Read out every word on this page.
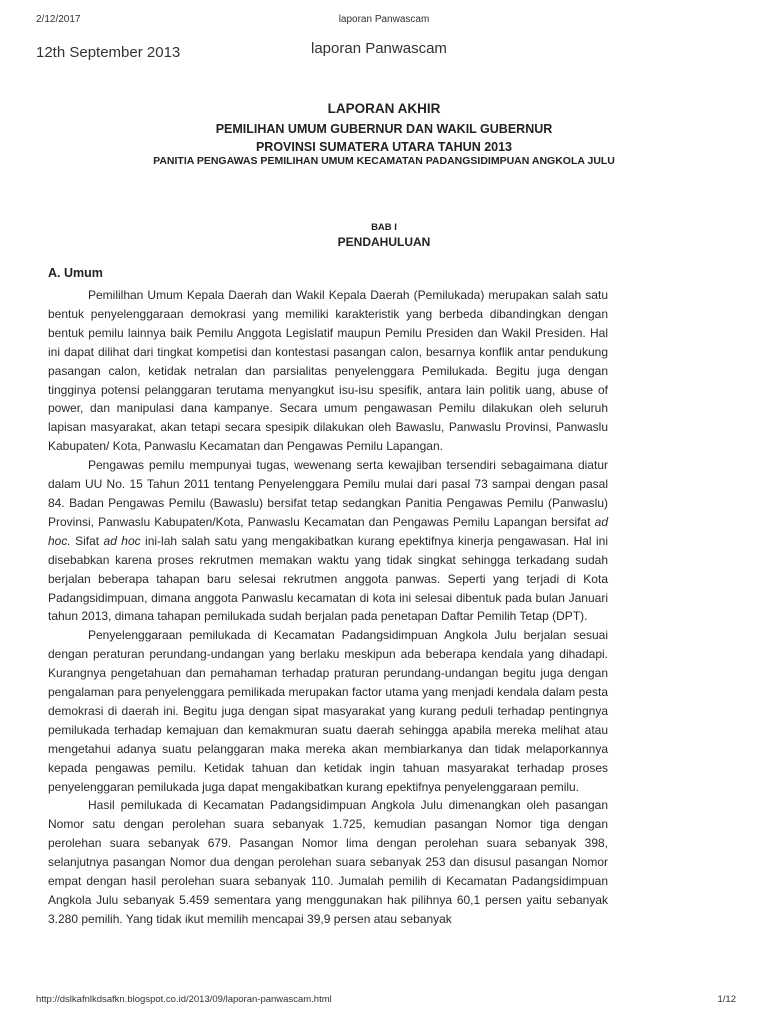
2/12/2017	laporan Panwascam
12th September 2013	laporan Panwascam
LAPORAN AKHIR
PEMILIHAN UMUM GUBERNUR DAN WAKIL GUBERNUR
PROVINSI SUMATERA UTARA TAHUN 2013
PANITIA PENGAWAS PEMILIHAN UMUM KECAMATAN PADANGSIDIMPUAN ANGKOLA JULU
BAB I
PENDAHULUAN
A. Umum

Pemililhan Umum Kepala Daerah dan Wakil Kepala Daerah (Pemilukada) merupakan salah satu bentuk penyelenggaraan demokrasi yang memiliki karakteristik yang berbeda dibandingkan dengan bentuk pemilu lainnya baik Pemilu Anggota Legislatif maupun Pemilu Presiden dan Wakil Presiden. Hal ini dapat dilihat dari tingkat kompetisi dan kontestasi pasangan calon, besarnya konflik antar pendukung pasangan calon, ketidak netralan dan parsialitas penyelenggara Pemilukada. Begitu juga dengan tingginya potensi pelanggaran terutama menyangkut isu-isu spesifik, antara lain politik uang, abuse of power, dan manipulasi dana kampanye. Secara umum pengawasan Pemilu dilakukan oleh seluruh lapisan masyarakat, akan tetapi secara spesipik dilakukan oleh Bawaslu, Panwaslu Provinsi, Panwaslu Kabupaten/ Kota, Panwaslu Kecamatan dan Pengawas Pemilu Lapangan.

Pengawas pemilu mempunyai tugas, wewenang serta kewajiban tersendiri sebagaimana diatur dalam UU No. 15 Tahun 2011 tentang Penyelenggara Pemilu mulai dari pasal 73 sampai dengan pasal 84. Badan Pengawas Pemilu (Bawaslu) bersifat tetap sedangkan Panitia Pengawas Pemilu (Panwaslu) Provinsi, Panwaslu Kabupaten/Kota, Panwaslu Kecamatan dan Pengawas Pemilu Lapangan bersifat ad hoc. Sifat ad hoc ini-lah salah satu yang mengakibatkan kurang epektifnya kinerja pengawasan. Hal ini disebabkan karena proses rekrutmen memakan waktu yang tidak singkat sehingga terkadang sudah berjalan beberapa tahapan baru selesai rekrutmen anggota panwas. Seperti yang terjadi di Kota Padangsidimpuan, dimana anggota Panwaslu kecamatan di kota ini selesai dibentuk pada bulan Januari tahun 2013, dimana tahapan pemilukada sudah berjalan pada penetapan Daftar Pemilih Tetap (DPT).

Penyelenggaraan pemilukada di Kecamatan Padangsidimpuan Angkola Julu berjalan sesuai dengan peraturan perundang-undangan yang berlaku meskipun ada beberapa kendala yang dihadapi. Kurangnya pengetahuan dan pemahaman terhadap praturan perundang-undangan begitu juga dengan pengalaman para penyelenggara pemilikada merupakan factor utama yang menjadi kendala dalam pesta demokrasi di daerah ini. Begitu juga dengan sipat masyarakat yang kurang peduli terhadap pentingnya pemilukada terhadap kemajuan dan kemakmuran suatu daerah sehingga apabila mereka melihat atau mengetahui adanya suatu pelanggaran maka mereka akan membiarkanya dan tidak melaporkannya kepada pengawas pemilu. Ketidak tahuan dan ketidak ingin tahuan masyarakat terhadap proses penyelenggaran pemilukada juga dapat mengakibatkan kurang epektifnya penyelenggaraan pemilu.

Hasil pemilukada di Kecamatan Padangsidimpuan Angkola Julu dimenangkan oleh pasangan Nomor satu dengan perolehan suara sebanyak 1.725, kemudian pasangan Nomor tiga dengan perolehan suara sebanyak 679. Pasangan Nomor lima dengan perolehan suara sebanyak 398, selanjutnya pasangan Nomor dua dengan perolehan suara sebanyak 253 dan disusul pasangan Nomor empat dengan hasil perolehan suara sebanyak 110. Jumalah pemilih di Kecamatan Padangsidimpuan Angkola Julu sebanyak 5.459 sementara yang menggunakan hak pilihnya 60,1 persen yaitu sebanyak 3.280 pemilih. Yang tidak ikut memilih mencapai 39,9 persen atau sebanyak

http://dslkafnlkdsafkn.blogspot.co.id/2013/09/laporan-panwascam.html	1/12
